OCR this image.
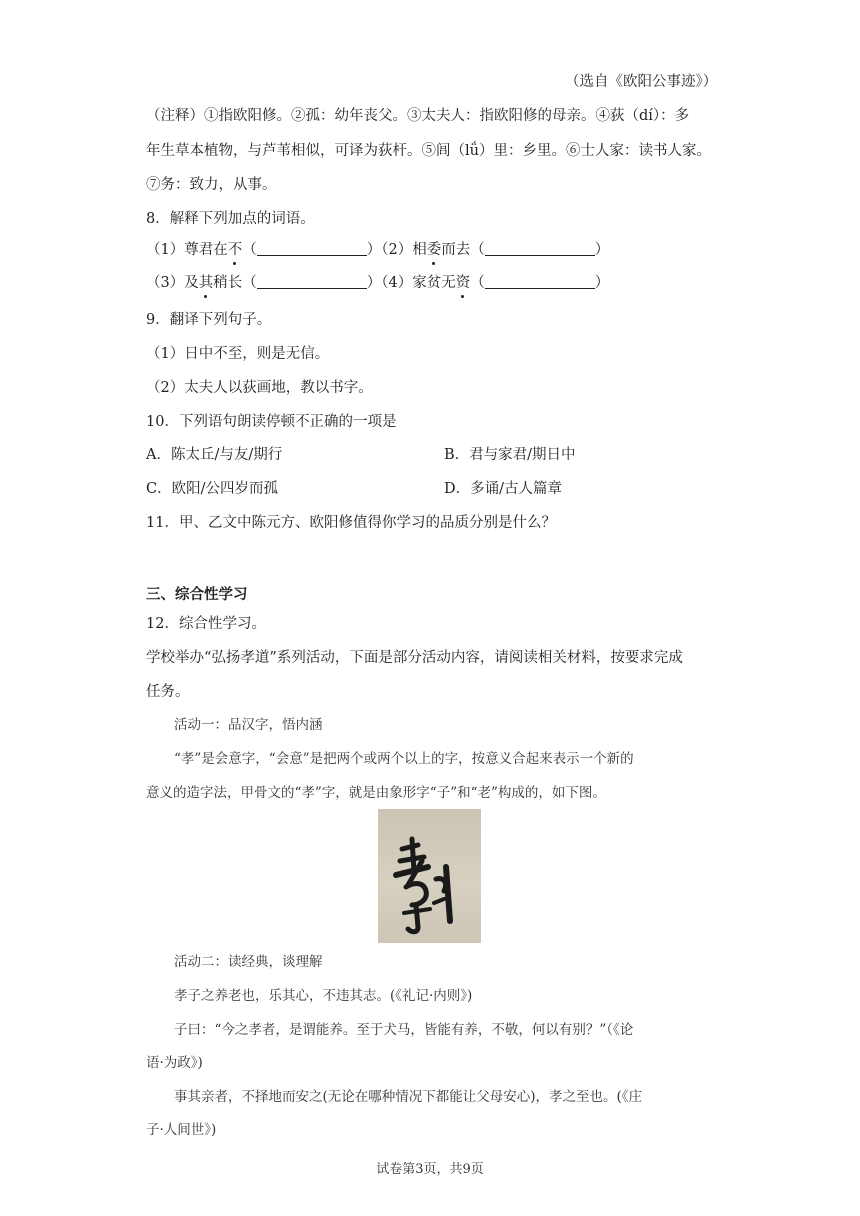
（选自《欧阳公事迹》）
（注释）①指欧阳修。②孤：幼年丧父。③太夫人：指欧阳修的母亲。④荻（dí）：多
年生草本植物，与芦苇相似，可译为荻杆。⑤闾（lǘ）里：乡里。⑥士人家：读书人家。
⑦务：致力，从事。
8．解释下列加点的词语。
（1）尊君在不（	）（2）相委而去（	）
（3）及其稍长（	）（4）家贫无资（	）
9．翻译下列句子。
（1）日中不至，则是无信。
（2）太夫人以荻画地，教以书字。
10．下列语句朗读停顿不正确的一项是
A．陈太丘/与友/期行	B．君与家君/期日中
C．欧阳/公四岁而孤	D．多诵/古人篇章
11．甲、乙文中陈元方、欧阳修值得你学习的品质分别是什么？
三、综合性学习
12．综合性学习。
学校举办“弘扬孝道”系列活动，下面是部分活动内容，请阅读相关材料，按要求完成
任务。
活动一：品汉字，悟内涵
“孝”是会意字，“会意”是把两个或两个以上的字，按意义合起来表示一个新的
意义的造字法，甲骨文的“孝”字，就是由象形字“子”和“老”构成的，如下图。
活动二：读经典，谈理解
孝子之养老也，乐其心，不违其志。(《礼记·内则》)
子曰：“今之孝者，是谓能养。至于犬马，皆能有养，不敬，何以有别？”（《论
语·为政》)
事其亲者，不择地而安之(无论在哪种情况下都能让父母安心)，孝之至也。(《庄
子·人间世》)
试卷第3页，共9页
